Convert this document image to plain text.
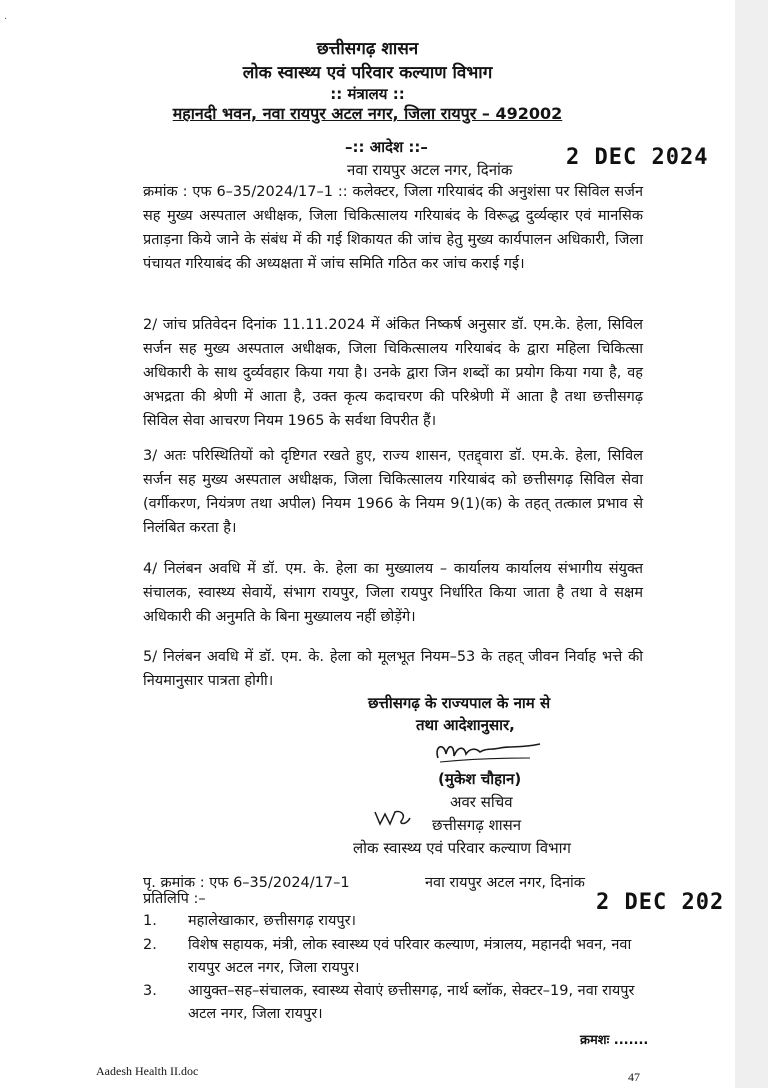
·
छत्तीसगढ़ शासन
लोक स्वास्थ्य एवं परिवार कल्याण विभाग
:: मंत्रालय ::
महानदी भवन, नवा रायपुर अटल नगर, जिला रायपुर – 492002
–:: आदेश ::–
नवा रायपुर अटल नगर, दिनांक 2 DEC 2024
क्रमांक : एफ 6–35/2024/17–1 :: कलेक्टर, जिला गरियाबंद की अनुशंसा पर सिविल सर्जन सह मुख्य अस्पताल अधीक्षक, जिला चिकित्सालय गरियाबंद के विरूद्ध दुर्व्यव्हार एवं मानसिक प्रताड़ना किये जाने के संबंध में की गई शिकायत की जांच हेतु मुख्य कार्यपालन अधिकारी, जिला पंचायत गरियाबंद की अध्यक्षता में जांच समिति गठित कर जांच कराई गई।
2/ जांच प्रतिवेदन दिनांक 11.11.2024 में अंकित निष्कर्ष अनुसार डॉ. एम.के. हेला, सिविल सर्जन सह मुख्य अस्पताल अधीक्षक, जिला चिकित्सालय गरियाबंद के द्वारा महिला चिकित्सा अधिकारी के साथ दुर्व्यवहार किया गया है। उनके द्वारा जिन शब्दों का प्रयोग किया गया है, वह अभद्रता की श्रेणी में आता है, उक्त कृत्य कदाचरण की परिश्रेणी में आता है तथा छत्तीसगढ़ सिविल सेवा आचरण नियम 1965 के सर्वथा विपरीत हैं।
3/ अतः परिस्थितियों को दृष्टिगत रखते हुए, राज्य शासन, एतद्द्वारा डॉ. एम.के. हेला, सिविल सर्जन सह मुख्य अस्पताल अधीक्षक, जिला चिकित्सालय गरियाबंद को छत्तीसगढ़ सिविल सेवा (वर्गीकरण, नियंत्रण तथा अपील) नियम 1966 के नियम 9(1)(क) के तहत् तत्काल प्रभाव से निलंबित करता है।
4/ निलंबन अवधि में डॉ. एम. के. हेला का मुख्यालय – कार्यालय कार्यालय संभागीय संयुक्त संचालक, स्वास्थ्य सेवायें, संभाग रायपुर, जिला रायपुर निर्धारित किया जाता है तथा वे सक्षम अधिकारी की अनुमति के बिना मुख्यालय नहीं छोड़ेंगे।
5/ निलंबन अवधि में डॉ. एम. के. हेला को मूलभूत नियम–53 के तहत् जीवन निर्वाह भत्ते की नियमानुसार पात्रता होगी।
छत्तीसगढ़ के राज्यपाल के नाम से
तथा आदेशानुसार,
(मुकेश चौहान)
अवर सचिव
छत्तीसगढ़ शासन
लोक स्वास्थ्य एवं परिवार कल्याण विभाग
पृ. क्रमांक : एफ 6–35/2024/17–1	नवा रायपुर अटल नगर, दिनांक
2 DEC 202
प्रतिलिपि :–
1.	महालेखाकार, छत्तीसगढ़ रायपुर।
2.	विशेष सहायक, मंत्री, लोक स्वास्थ्य एवं परिवार कल्याण, मंत्रालय, महानदी भवन, नवा रायपुर अटल नगर, जिला रायपुर।
3.	आयुक्त–सह–संचालक, स्वास्थ्य सेवाएं छत्तीसगढ़, नार्थ ब्लॉक, सेक्टर–19, नवा रायपुर अटल नगर, जिला रायपुर।
क्रमशः .......
Aadesh Health II.doc	47
